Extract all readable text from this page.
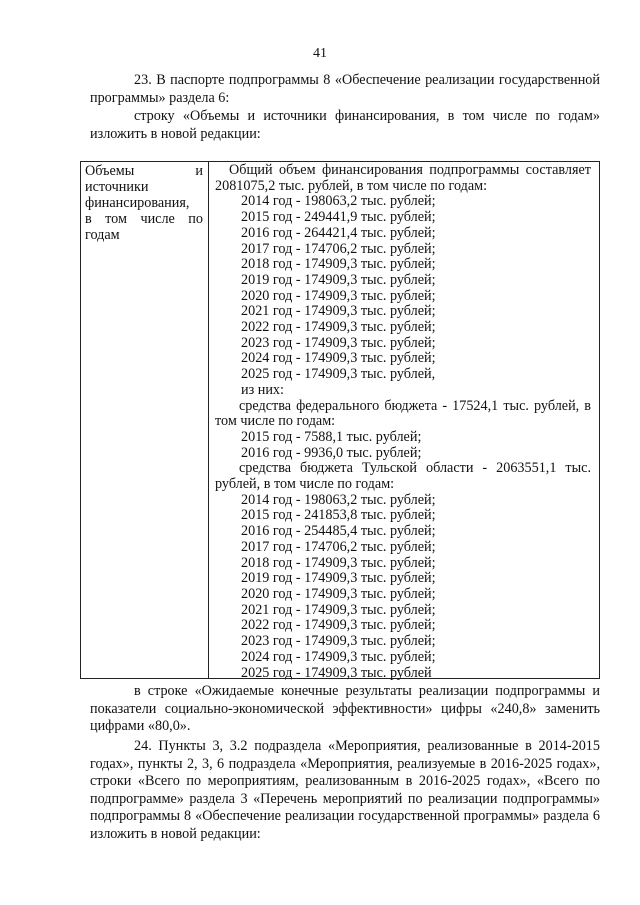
41

23. В паспорте подпрограммы 8 «Обеспечение реализации государственной программы» раздела 6:

строку «Объемы и источники финансирования, в том числе по годам» изложить в новой редакции:

Объемы и
источники
финансирования,
в том числе по
годам

Общий объем финансирования подпрограммы составляет 2081075,2 тыс. рублей, в том числе по годам:

2014 год - 198063,2 тыс. рублей;
2015 год - 249441,9 тыс. рублей;
2016 год - 264421,4 тыс. рублей;
2017 год - 174706,2 тыс. рублей;
2018 год - 174909,3 тыс. рублей;
2019 год - 174909,3 тыс. рублей;
2020 год - 174909,3 тыс. рублей;
2021 год - 174909,3 тыс. рублей;
2022 год - 174909,3 тыс. рублей;
2023 год - 174909,3 тыс. рублей;
2024 год - 174909,3 тыс. рублей;
2025 год - 174909,3 тыс. рублей,
из них:

средства федерального бюджета - 17524,1 тыс. рублей, в том числе по годам:

2015 год - 7588,1 тыс. рублей;
2016 год - 9936,0 тыс. рублей;

средства бюджета Тульской области - 2063551,1 тыс. рублей, в том числе по годам:

2014 год - 198063,2 тыс. рублей;
2015 год - 241853,8 тыс. рублей;
2016 год - 254485,4 тыс. рублей;
2017 год - 174706,2 тыс. рублей;
2018 год - 174909,3 тыс. рублей;
2019 год - 174909,3 тыс. рублей;
2020 год - 174909,3 тыс. рублей;
2021 год - 174909,3 тыс. рублей;
2022 год - 174909,3 тыс. рублей;
2023 год - 174909,3 тыс. рублей;
2024 год - 174909,3 тыс. рублей;
2025 год - 174909,3 тыс. рублей

в строке «Ожидаемые конечные результаты реализации подпрограммы и показатели социально-экономической эффективности» цифры «240,8» заменить цифрами «80,0».

24. Пункты 3, 3.2 подраздела «Мероприятия, реализованные в 2014-2015 годах», пункты 2, 3, 6 подраздела «Мероприятия, реализуемые в 2016-2025 годах», строки «Всего по мероприятиям, реализованным в 2016-2025 годах», «Всего по подпрограмме» раздела 3 «Перечень мероприятий по реализации подпрограммы» подпрограммы 8 «Обеспечение реализации государственной программы» раздела 6 изложить в новой редакции:
